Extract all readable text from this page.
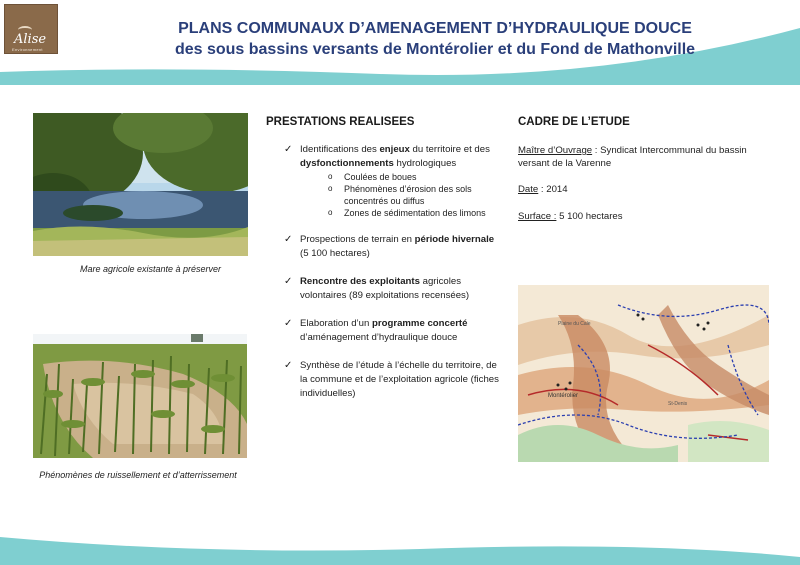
Alise
Environnement
PLANS COMMUNAUX D’AMENAGEMENT D’HYDRAULIQUE DOUCE
des sous bassins versants de Montérolier et du Fond de Mathonville
Mare agricole existante à préserver
Phénomènes de ruissellement et d’atterrissement
PRESTATIONS REALISEES
✓ Identifications des enjeux du territoire et des dysfonctionnements hydrologiques
o Coulées de boues
o Phénomènes d’érosion des sols concentrés ou diffus
o Zones de sédimentation des limons
✓ Prospections de terrain en période hivernale (5 100 hectares)
✓ Rencontre des exploitants agricoles volontaires (89 exploitations recensées)
✓ Elaboration d’un programme concerté d’aménagement d’hydraulique douce
✓ Synthèse de l’étude à l’échelle du territoire, de la commune et de l’exploitation agricole (fiches individuelles)
CADRE DE L’ETUDE

Maître d’Ouvrage : Syndicat Intercommunal du bassin versant de la Varenne

Date : 2014

Surface : 5 100 hectares

Montérolier
Plaine du Cale
St-Denis
